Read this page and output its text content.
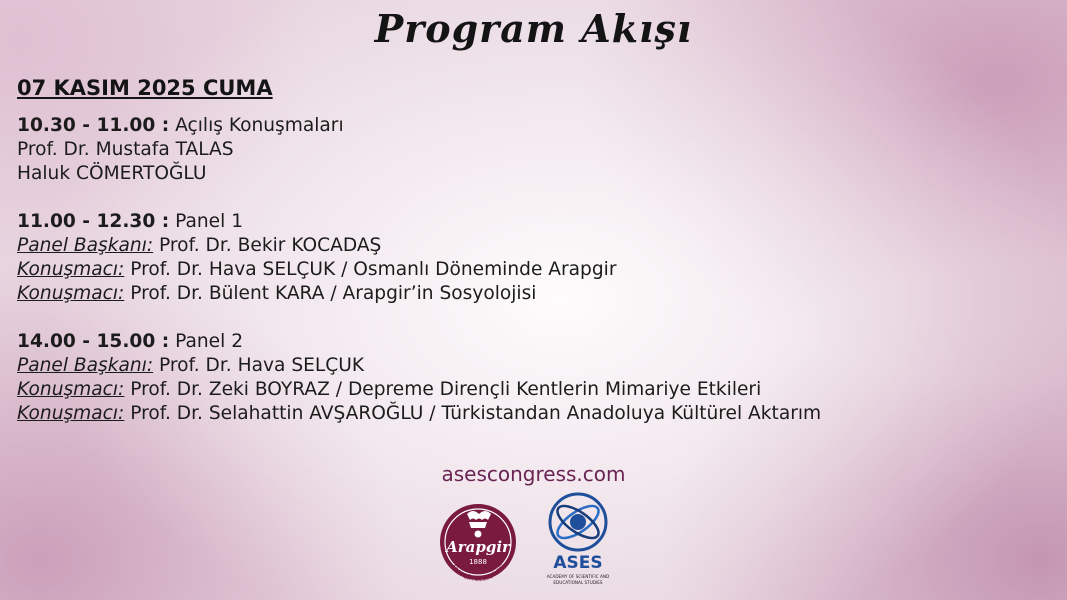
Program Akışı
07 KASIM 2025 CUMA
10.30 - 11.00 : Açılış Konuşmaları
Prof. Dr. Mustafa TALAS
Haluk CÖMERTOĞLU
11.00 - 12.30 : Panel 1
Panel Başkanı: Prof. Dr. Bekir KOCADAŞ
Konuşmacı: Prof. Dr. Hava SELÇUK / Osmanlı Döneminde Arapgir
Konuşmacı: Prof. Dr. Bülent KARA / Arapgir’in Sosyolojisi
14.00 - 15.00 : Panel 2
Panel Başkanı: Prof. Dr. Hava SELÇUK
Konuşmacı: Prof. Dr. Zeki BOYRAZ / Depreme Dirençli Kentlerin Mimariye Etkileri
Konuşmacı: Prof. Dr. Selahattin AVŞAROĞLU / Türkistandan Anadoluya Kültürel Aktarım
asescongress.com
Arapgir
1888
ARAPGİR BELEDİYESİ	ASES
ACADEMY OF SCIENTIFIC AND
EDUCATIONAL STUDIES
